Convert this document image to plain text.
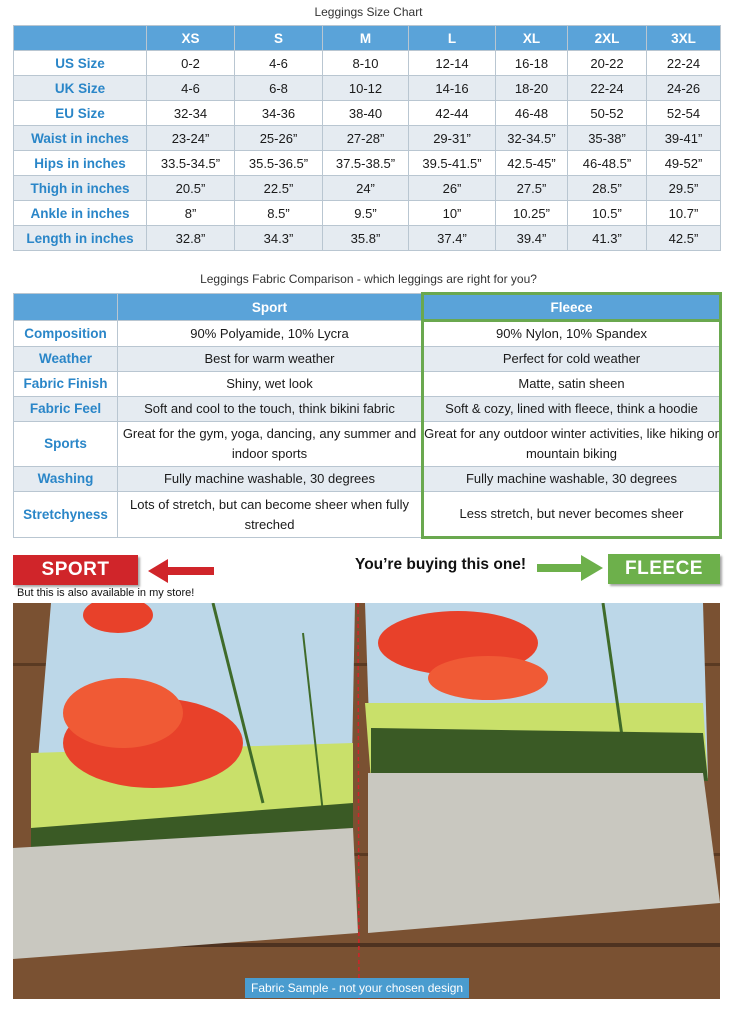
Leggings Size Chart
	XS	S	M	L	XL	2XL	3XL
US Size	0-2	4-6	8-10	12-14	16-18	20-22	22-24
UK Size	4-6	6-8	10-12	14-16	18-20	22-24	24-26
EU Size	32-34	34-36	38-40	42-44	46-48	50-52	52-54
Waist in inches	23-24”	25-26”	27-28”	29-31”	32-34.5”	35-38”	39-41”
Hips in inches	33.5-34.5”	35.5-36.5”	37.5-38.5”	39.5-41.5”	42.5-45”	46-48.5”	49-52”
Thigh in inches	20.5”	22.5”	24”	26”	27.5”	28.5”	29.5”
Ankle in inches	8”	8.5”	9.5”	10”	10.25”	10.5”	10.7”
Length in inches	32.8”	34.3”	35.8”	37.4”	39.4”	41.3”	42.5”
Leggings Fabric Comparison - which leggings are right for you?
	Sport	Fleece
Composition	90% Polyamide, 10% Lycra	90% Nylon, 10% Spandex
Weather	Best for warm weather	Perfect for cold weather
Fabric Finish	Shiny, wet look	Matte, satin sheen
Fabric Feel	Soft and cool to the touch, think bikini fabric	Soft & cozy, lined with fleece, think a hoodie
Sports	Great for the gym, yoga, dancing, any summer and indoor sports	Great for any outdoor winter activities, like hiking or mountain biking
Washing	Fully machine washable, 30 degrees	Fully machine washable, 30 degrees
Stretchyness	Lots of stretch, but can become sheer when fully streched	Less stretch, but never becomes sheer
SPORT
But this is also available in my store!
You’re buying this one!	FLEECE
Fabric Sample - not your chosen design
